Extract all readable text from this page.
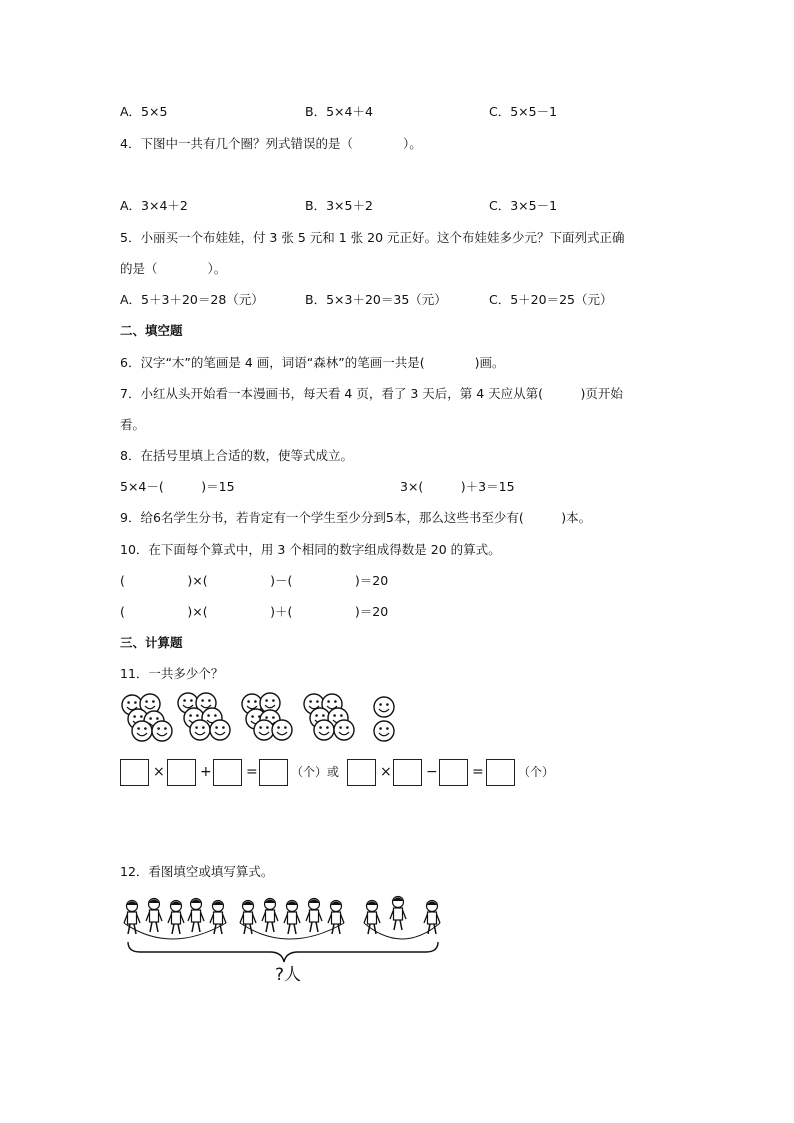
A．5×5	B．5×4＋4	C．5×5－1
4．下图中一共有几个圈？列式错误的是（　　　　）。
A．3×4＋2	B．3×5＋2	C．3×5－1
5．小丽买一个布娃娃，付 3 张 5 元和 1 张 20 元正好。这个布娃娃多少元？下面列式正确
的是（　　　　）。
A．5＋3＋20＝28（元）	B．5×3＋20＝35（元）	C．5＋20＝25（元）
二、填空题
6．汉字“木”的笔画是 4 画，词语“森林”的笔画一共是(　　　　)画。
7．小红从头开始看一本漫画书，每天看 4 页，看了 3 天后，第 4 天应从第(　　　)页开始
看。
8．在括号里填上合适的数，使等式成立。
5×4－(　　　)＝15	3×(　　　)＋3＝15
9．给6名学生分书，若肯定有一个学生至少分到5本，那么这些书至少有(　　　)本。
10．在下面每个算式中，用 3 个相同的数字组成得数是 20 的算式。
(　　　　　)×(　　　　　)－(　　　　　)＝20
(　　　　　)×(　　　　　)＋(　　　　　)＝20
三、计算题
11．一共多少个？
×	+ =	（个）或	× − =	（个）
12．看图填空或填写算式。
?人
